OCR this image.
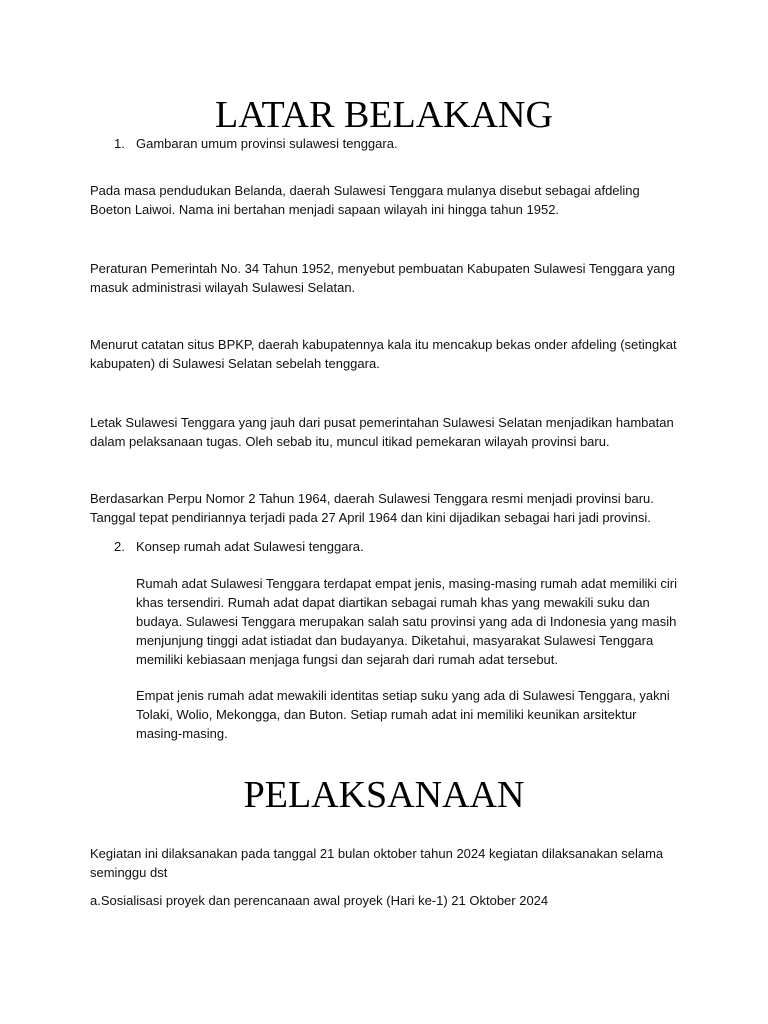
LATAR BELAKANG
1. Gambaran umum provinsi sulawesi tenggara.

Pada masa pendudukan Belanda, daerah Sulawesi Tenggara mulanya disebut sebagai afdeling Boeton Laiwoi. Nama ini bertahan menjadi sapaan wilayah ini hingga tahun 1952.

Peraturan Pemerintah No. 34 Tahun 1952, menyebut pembuatan Kabupaten Sulawesi Tenggara yang masuk administrasi wilayah Sulawesi Selatan.

Menurut catatan situs BPKP, daerah kabupatennya kala itu mencakup bekas onder afdeling (setingkat kabupaten) di Sulawesi Selatan sebelah tenggara.

Letak Sulawesi Tenggara yang jauh dari pusat pemerintahan Sulawesi Selatan menjadikan hambatan dalam pelaksanaan tugas. Oleh sebab itu, muncul itikad pemekaran wilayah provinsi baru.

Berdasarkan Perpu Nomor 2 Tahun 1964, daerah Sulawesi Tenggara resmi menjadi provinsi baru. Tanggal tepat pendiriannya terjadi pada 27 April 1964 dan kini dijadikan sebagai hari jadi provinsi.

2. Konsep rumah adat Sulawesi tenggara.

Rumah adat Sulawesi Tenggara terdapat empat jenis, masing-masing rumah adat memiliki ciri khas tersendiri. Rumah adat dapat diartikan sebagai rumah khas yang mewakili suku dan budaya. Sulawesi Tenggara merupakan salah satu provinsi yang ada di Indonesia yang masih menjunjung tinggi adat istiadat dan budayanya. Diketahui, masyarakat Sulawesi Tenggara memiliki kebiasaan menjaga fungsi dan sejarah dari rumah adat tersebut.

Empat jenis rumah adat mewakili identitas setiap suku yang ada di Sulawesi Tenggara, yakni Tolaki, Wolio, Mekongga, dan Buton. Setiap rumah adat ini memiliki keunikan arsitektur masing-masing.

PELAKSANAAN

Kegiatan ini dilaksanakan pada tanggal 21 bulan oktober tahun 2024 kegiatan dilaksanakan selama seminggu dst

a.Sosialisasi proyek dan perencanaan awal proyek (Hari ke-1) 21 Oktober 2024
